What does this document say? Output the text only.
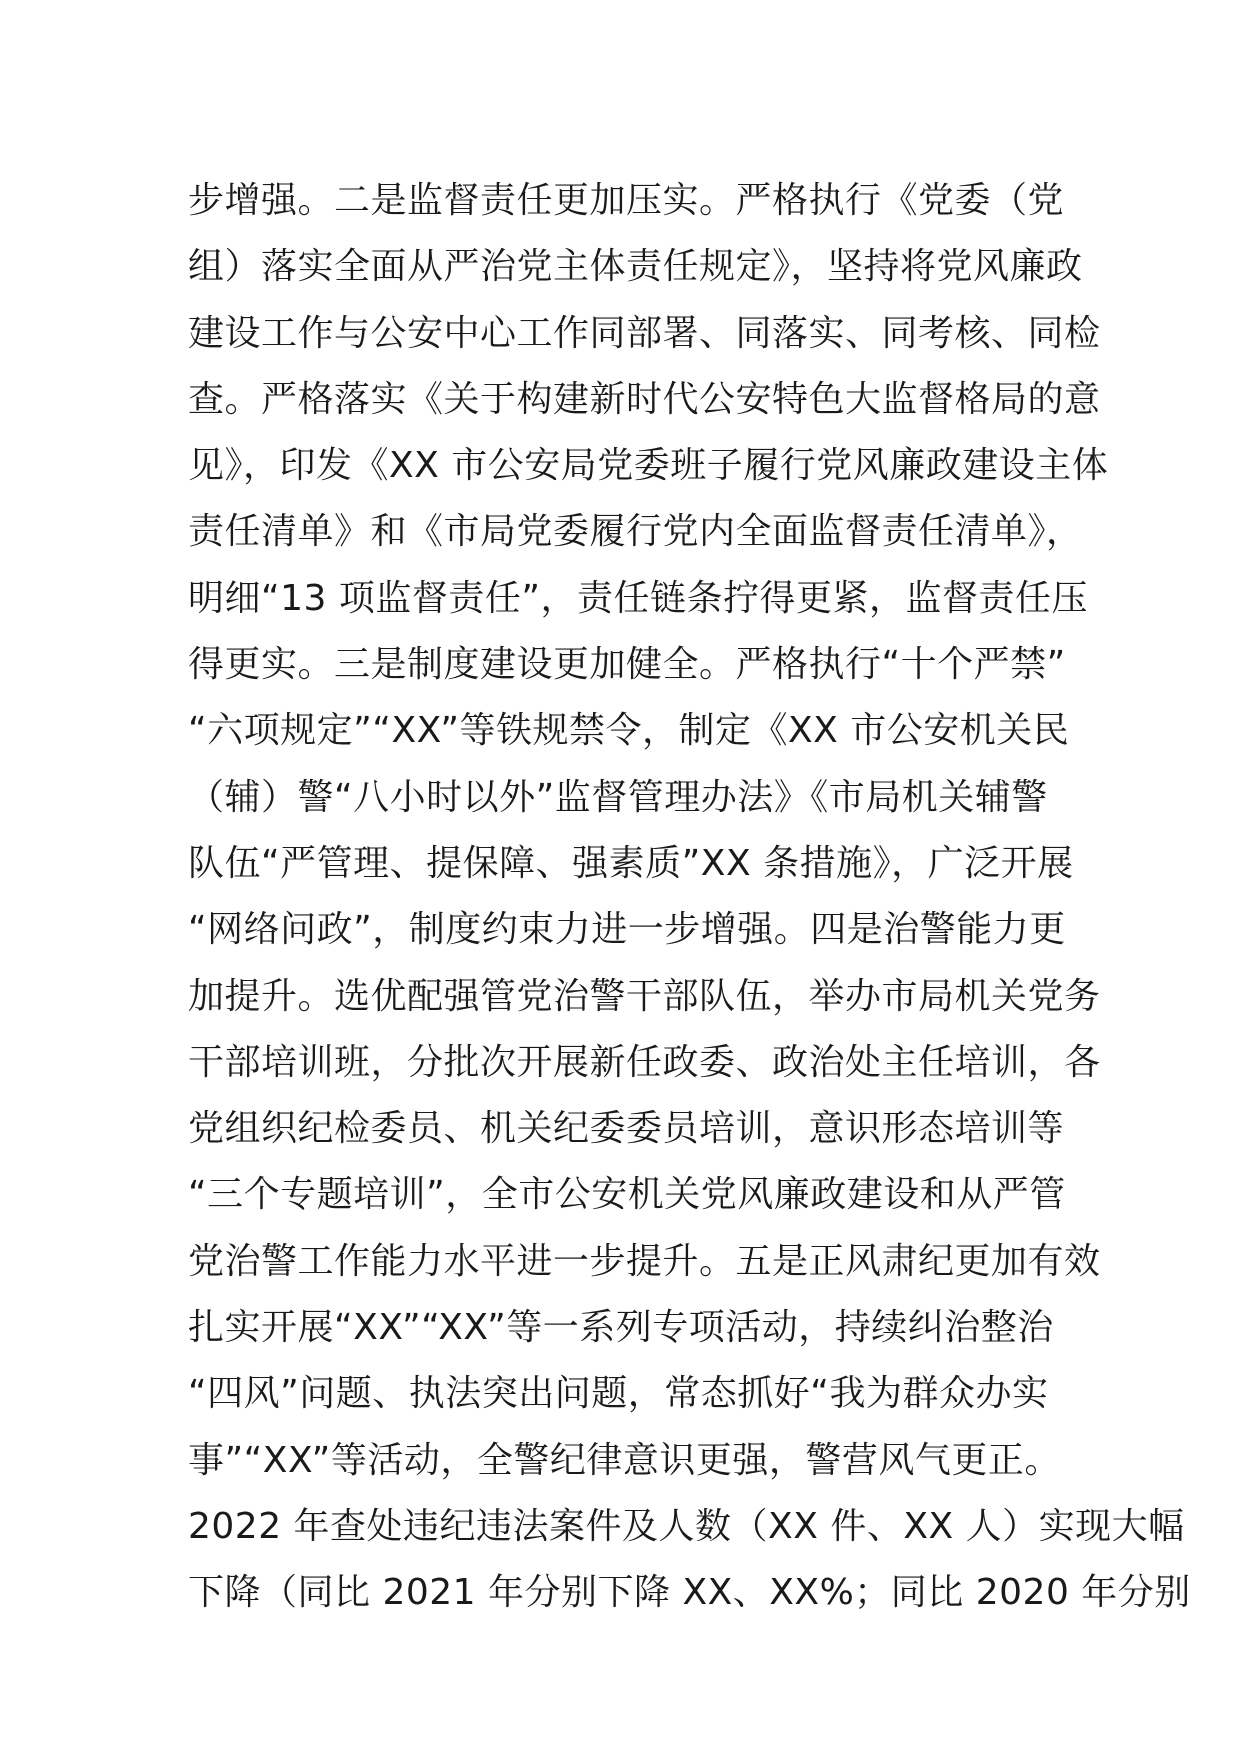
步增强。二是监督责任更加压实。严格执行《党委（党
组）落实全面从严治党主体责任规定》，坚持将党风廉政
建设工作与公安中心工作同部署、同落实、同考核、同检
查。严格落实《关于构建新时代公安特色大监督格局的意
见》，印发《XX 市公安局党委班子履行党风廉政建设主体
责任清单》和《市局党委履行党内全面监督责任清单》，
明细“13 项监督责任”，责任链条拧得更紧，监督责任压
得更实。三是制度建设更加健全。严格执行“十个严禁”
“六项规定”“XX”等铁规禁令，制定《XX 市公安机关民
（辅）警“八小时以外”监督管理办法》《市局机关辅警
队伍“严管理、提保障、强素质”XX 条措施》，广泛开展
“网络问政”，制度约束力进一步增强。四是治警能力更
加提升。选优配强管党治警干部队伍，举办市局机关党务
干部培训班，分批次开展新任政委、政治处主任培训，各
党组织纪检委员、机关纪委委员培训，意识形态培训等
“三个专题培训”，全市公安机关党风廉政建设和从严管
党治警工作能力水平进一步提升。五是正风肃纪更加有效
扎实开展“XX”“XX”等一系列专项活动，持续纠治整治
“四风”问题、执法突出问题，常态抓好“我为群众办实
事”“XX”等活动，全警纪律意识更强，警营风气更正。
2022 年查处违纪违法案件及人数（XX 件、XX 人）实现大幅
下降（同比 2021 年分别下降 XX、XX%；同比 2020 年分别
